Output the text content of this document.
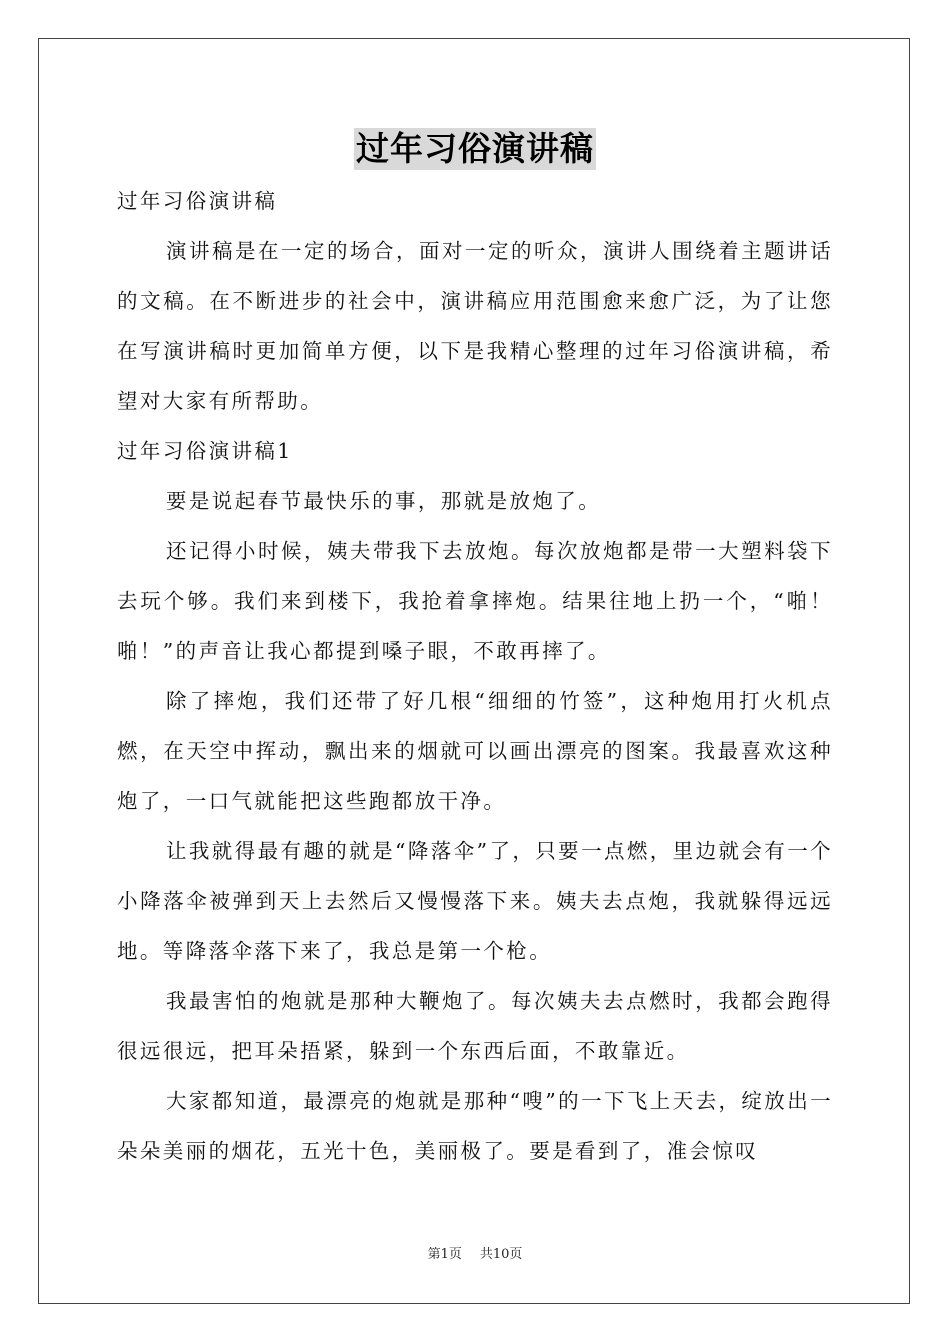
过年习俗演讲稿

过年习俗演讲稿

演讲稿是在一定的场合，面对一定的听众，演讲人围绕着主题讲话的文稿。在不断进步的社会中，演讲稿应用范围愈来愈广泛，为了让您在写演讲稿时更加简单方便，以下是我精心整理的过年习俗演讲稿，希望对大家有所帮助。

过年习俗演讲稿1

要是说起春节最快乐的事，那就是放炮了。

还记得小时候，姨夫带我下去放炮。每次放炮都是带一大塑料袋下去玩个够。我们来到楼下，我抢着拿摔炮。结果往地上扔一个，“啪！啪！”的声音让我心都提到嗓子眼，不敢再摔了。

除了摔炮，我们还带了好几根“细细的竹签”，这种炮用打火机点燃，在天空中挥动，飘出来的烟就可以画出漂亮的图案。我最喜欢这种炮了，一口气就能把这些跑都放干净。

让我就得最有趣的就是“降落伞”了，只要一点燃，里边就会有一个小降落伞被弹到天上去然后又慢慢落下来。姨夫去点炮，我就躲得远远地。等降落伞落下来了，我总是第一个枪。

我最害怕的炮就是那种大鞭炮了。每次姨夫去点燃时，我都会跑得很远很远，把耳朵捂紧，躲到一个东西后面，不敢靠近。

大家都知道，最漂亮的炮就是那种“嗖”的一下飞上天去，绽放出一朵朵美丽的烟花，五光十色，美丽极了。要是看到了，准会惊叹

第1页 共10页
